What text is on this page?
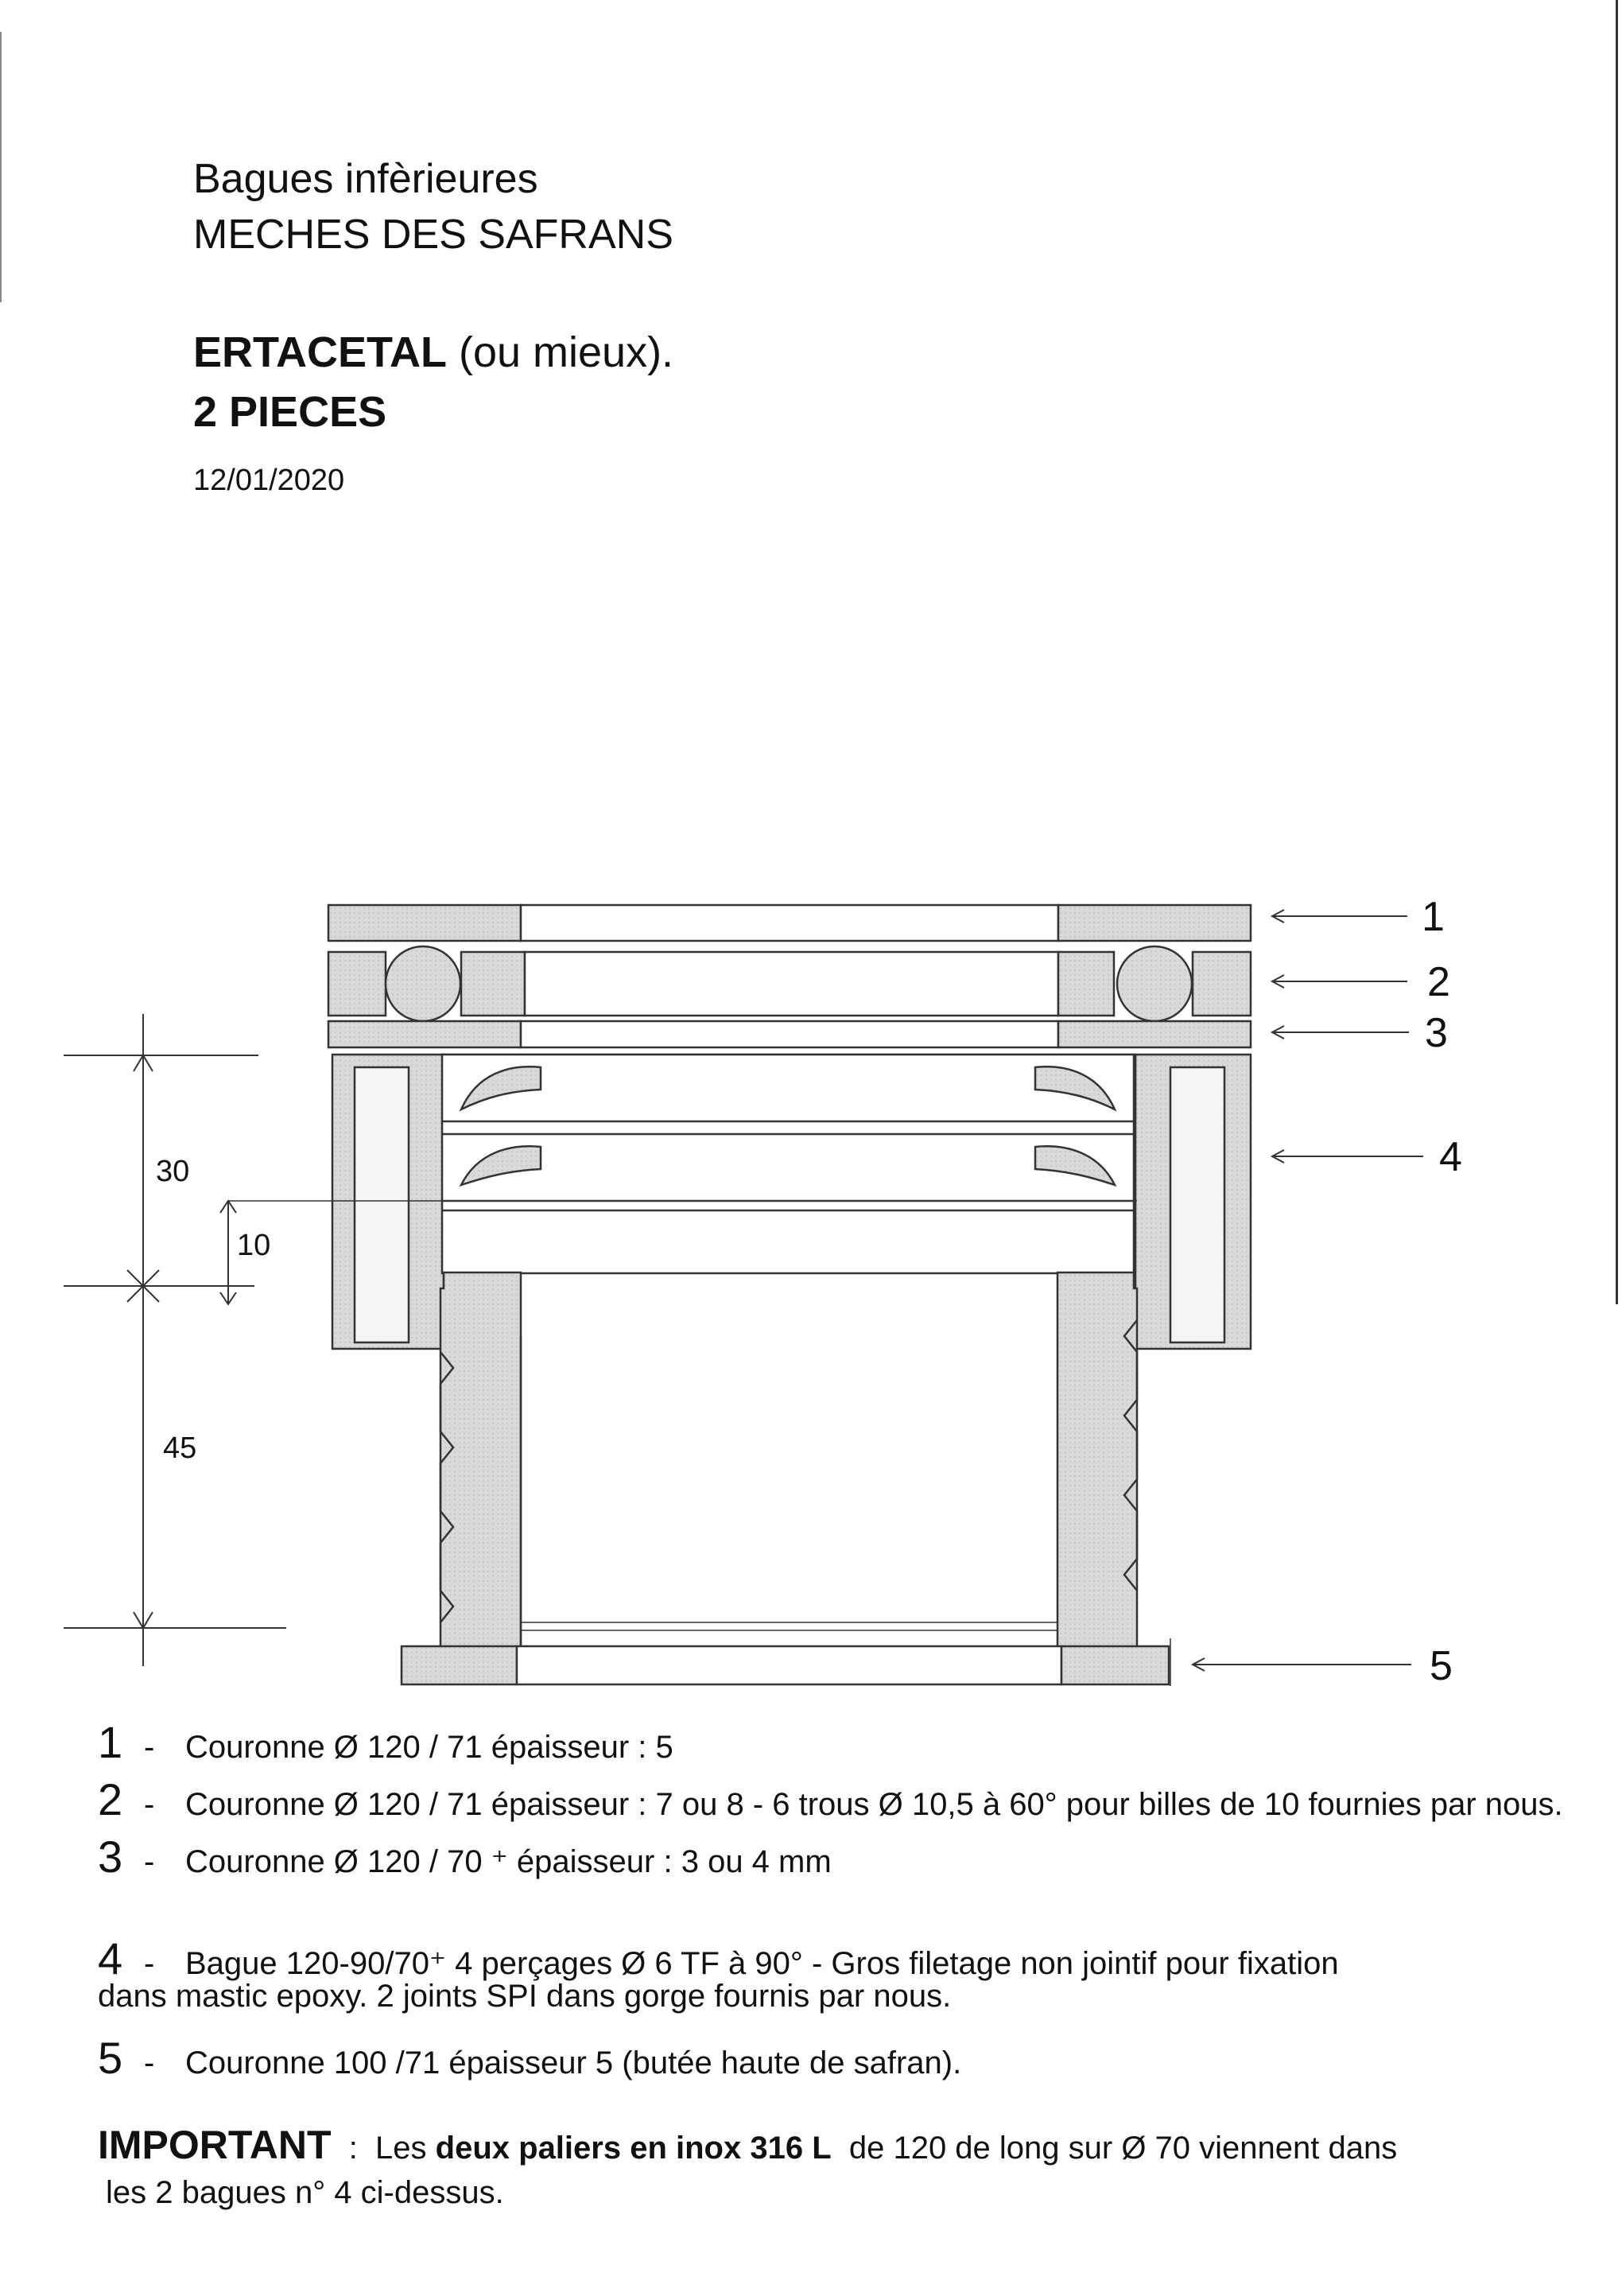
Bagues infèrieures
MECHES DES SAFRANS
ERTACETAL (ou mieux).
2 PIECES
12/01/2020
1
2
3
4
5
30
10
45
1 - Couronne Ø 120 / 71 épaisseur : 5
2 - Couronne Ø 120 / 71 épaisseur : 7 ou 8 - 6 trous Ø 10,5 à 60° pour billes de 10 fournies par nous.
3 - Couronne Ø 120 / 70 ⁺ épaisseur : 3 ou 4 mm
4 - Bague 120-90/70⁺ 4 perçages Ø 6 TF à 90° - Gros filetage non jointif pour fixation
dans mastic epoxy. 2 joints SPI dans gorge fournis par nous.
5 - Couronne 100 /71 épaisseur 5 (butée haute de safran).
IMPORTANT  :  Les deux paliers en inox 316 L  de 120 de long sur Ø 70 viennent dans
les 2 bagues n° 4 ci-dessus.
